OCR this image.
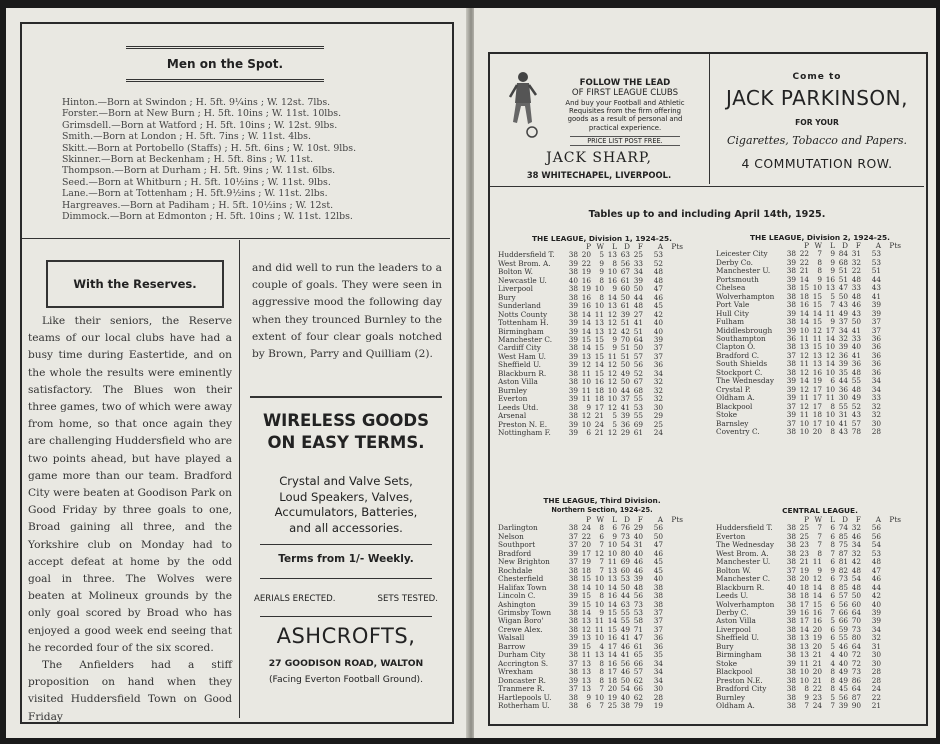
Men on the Spot.
Hinton.—Born at Swindon ; H. 5ft. 9¼ins ; W. 12st. 7lbs.
Forster.—Born at New Burn ; H. 5ft. 10ins ; W. 11st. 10lbs.
Grimsdell.—Born at Watford ; H. 5ft. 10ins ; W. 12st. 9lbs.
Smith.—Born at London ; H. 5ft. 7ins ; W. 11st. 4lbs.
Skitt.—Born at Portobello (Staffs) ; H. 5ft. 6ins ; W. 10st. 9lbs.
Skinner.—Born at Beckenham ; H. 5ft. 8ins ; W. 11st.
Thompson.—Born at Durham ; H. 5ft. 9ins ; W. 11st. 6lbs.
Seed.—Born at Whitburn ; H. 5ft. 10½ins ; W. 11st. 9lbs.
Lane.—Born at Tottenham ; H. 5ft.9½ins ; W. 11st. 2lbs.
Hargreaves.—Born at Padiham ; H. 5ft. 10½ins ; W. 12st.
Dimmock.—Born at Edmonton ; H. 5ft. 10ins ; W. 11st. 12lbs.
With the Reserves.
Like their seniors, the Reserve teams of our local clubs have had a busy time during Eastertide, and on the whole the results were eminently satisfactory. The Blues won their three games, two of which were away from home, so that once again they are challenging Huddersfield who are two points ahead, but have played a game more than our team. Bradford City were beaten at Goodison Park on Good Friday by three goals to one, Broad gaining all three, and the Yorkshire club on Monday had to accept defeat at home by the odd goal in three. The Wolves were beaten at Molineux grounds by the only goal scored by Broad who has enjoyed a good week end seeing that he recorded four of the six scored.
The Anfielders had a stiff proposition on hand when they visited Huddersfield Town on Good Friday
and did well to run the leaders to a couple of goals. They were seen in aggressive mood the following day when they trounced Burnley to the extent of four clear goals notched by Brown, Parry and Quilliam (2).
WIRELESS GOODS
ON EASY TERMS.
Crystal and Valve Sets,
Loud Speakers, Valves,
Accumulators, Batteries,
and all accessories.
Terms from 1/- Weekly.
AERIALS ERECTED.	SETS TESTED.
ASHCROFTS,
27 GOODISON ROAD, WALTON
(Facing Everton Football Ground).
FOLLOW THE LEAD
OF FIRST LEAGUE CLUBS
And buy your Football and Athletic
Requisites from the firm offering
goods as a result of personal and
practical experience.
PRICE LIST POST FREE.
JACK SHARP,
38 WHITECHAPEL, LIVERPOOL.
Come to
JACK PARKINSON,
FOR YOUR
Cigarettes, Tobacco and Papers.
4 COMMUTATION ROW.
Tables up to and including April 14th, 1925.
THE LEAGUE, Division 1, 1924-25.
		P	W	L	D	F	A	Pts
Huddersfield T.	38	20	5	13	63	25	53	
West Brom. A.	39	22	9	8	56	33	52	
Bolton W.	38	19	9	10	67	34	48	
Newcastle U.	40	16	8	16	61	39	48	
Liverpool	38	19	10	9	60	50	47	
Bury	38	16	8	14	50	44	46	
Sunderland	39	16	10	13	61	48	45	
Notts County	38	14	11	12	39	27	42	
Tottenham H.	39	14	13	12	51	41	40	
Birmingham	39	14	13	12	42	51	40	
Manchester C.	39	15	15	9	70	64	39	
Cardiff City	38	14	15	9	51	50	37	
West Ham U.	39	13	15	11	51	57	37	
Sheffield U.	39	12	14	12	50	56	36	
Blackburn R.	38	11	15	12	49	52	34	
Aston Villa	38	10	16	12	50	67	32	
Burnley	39	11	18	10	44	68	32	
Everton	39	11	18	10	37	55	32	
Leeds Utd.	38	9	17	12	41	53	30	
Arsenal	38	12	21	5	39	55	29	
Preston N. E.	39	10	24	5	36	69	25	
Nottingham F.	39	6	21	12	29	61	24	
THE LEAGUE, Division 2, 1924-25.
		P	W	L	D	F	A	Pts
Leicester City	38	22	7	9	84	31	53	
Derby Co.	39	22	8	9	68	32	53	
Manchester U.	38	21	8	9	51	22	51	
Portsmouth	39	14	9	16	51	48	44	
Chelsea	38	15	10	13	47	33	43	
Wolverhampton	38	18	15	5	50	48	41	
Port Vale	38	16	15	7	43	46	39	
Hull City	39	14	14	11	49	43	39	
Fulham	38	14	15	9	37	50	37	
Middlesbrough	39	10	12	17	34	41	37	
Southampton	36	11	11	14	32	33	36	
Clapton O.	38	13	15	10	39	40	36	
Bradford C.	37	12	13	12	36	41	36	
South Shields	38	11	13	14	39	36	36	
Stockport C.	38	12	16	10	35	48	36	
The Wednesday	39	14	19	6	44	55	34	
Crystal P.	39	12	17	10	36	48	34	
Oldham A.	39	11	17	11	30	49	33	
Blackpool	37	12	17	8	55	52	32	
Stoke	39	11	18	10	31	43	32	
Barnsley	37	10	17	10	41	57	30	
Coventry C.	38	10	20	8	43	78	28	
THE LEAGUE, Third Division.
Northern Section, 1924-25.
		P	W	L	D	F	A	Pts
Darlington	38	24	8	6	76	29	56	
Nelson	37	22	6	9	73	40	50	
Southport	37	20	7	10	54	31	47	
Bradford	39	17	12	10	80	40	46	
New Brighton	37	19	7	11	69	46	45	
Rochdale	38	18	7	13	60	46	45	
Chesterfield	38	15	10	13	53	39	40	
Halifax Town	38	14	10	14	50	48	38	
Lincoln C.	39	15	8	16	44	56	38	
Ashington	39	15	10	14	63	73	38	
Grimsby Town	38	14	9	15	55	53	37	
Wigan Boro'	38	13	11	14	55	58	37	
Crewe Alex.	38	12	11	15	49	71	37	
Walsall	39	13	10	16	41	47	36	
Barrow	39	15	4	17	46	61	36	
Durham City	38	11	13	14	41	65	35	
Accrington S.	37	13	8	16	56	66	34	
Wrexham	38	13	8	17	46	57	34	
Doncaster R.	39	13	8	18	50	62	34	
Tranmere R.	37	13	7	20	54	66	30	
Hartlepools U.	38	9	10	19	40	62	28	
Rotherham U.	38	6	7	25	38	79	19	
CENTRAL LEAGUE.
		P	W	L	D	F	A	Pts
Huddersfield T.	38	25	7	6	74	32	56	
Everton	38	25	7	6	85	46	56	
The Wednesday	38	23	7	8	75	34	54	
West Brom. A.	38	23	8	7	87	32	53	
Manchester U.	38	21	11	6	81	42	48	
Bolton W.	37	19	9	9	82	48	47	
Manchester C.	38	20	12	6	73	54	46	
Blackburn R.	40	18	14	8	85	48	44	
Leeds U.	38	18	14	6	57	50	42	
Wolverhampton	38	17	15	6	56	60	40	
Derby C.	39	16	16	7	66	64	39	
Aston Villa	38	17	16	5	66	70	39	
Liverpool	38	14	20	6	59	73	34	
Sheffield U.	38	13	19	6	55	80	32	
Bury	38	13	20	5	46	64	31	
Birmingham	38	13	21	4	40	72	30	
Stoke	39	11	21	4	40	72	30	
Blackpool	38	10	20	8	49	73	28	
Preston N.E.	38	10	21	8	49	86	28	
Bradford City	38	8	22	8	45	64	24	
Burnley	38	9	23	5	56	87	22	
Oldham A.	38	7	24	7	39	90	21	
